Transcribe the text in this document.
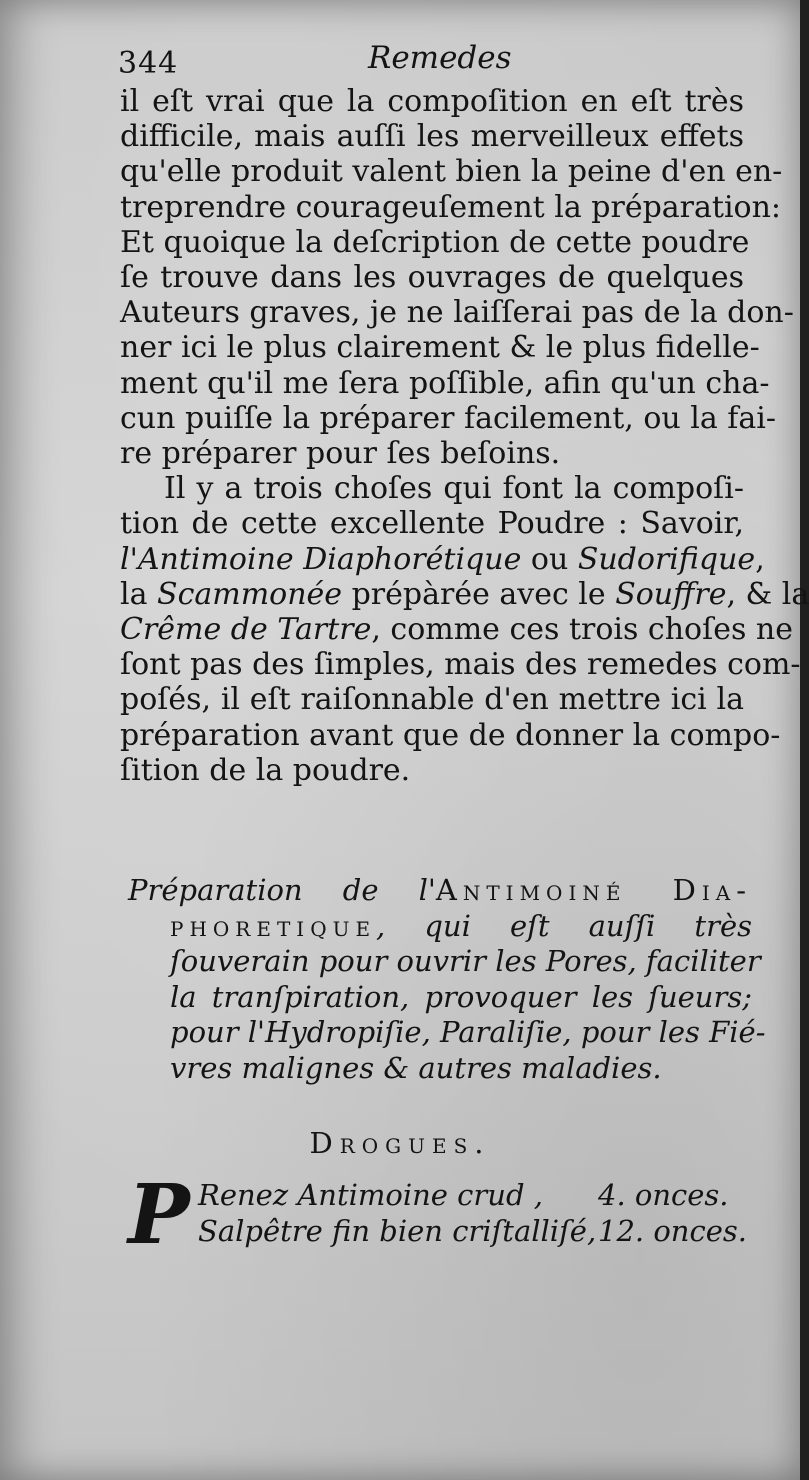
344	Remedes
il eſt vrai que la compoſition en eſt très
difficile, mais auſſi les merveilleux effets
qu'elle produit valent bien la peine d'en en-
treprendre courageuſement la préparation:
Et quoique la deſcription de cette poudre
ſe trouve dans les ouvrages de quelques
Auteurs graves, je ne laiſſerai pas de la don-
ner ici le plus clairement & le plus fidelle-
ment qu'il me ſera poſſible, afin qu'un cha-
cun puiſſe la préparer facilement, ou la fai-
re préparer pour ſes beſoins.
Il y a trois choſes qui font la compoſi-
tion de cette excellente Poudre : Savoir,
l'Antimoine Diaphorétique ou Sudorifique,
la Scammonée prépàrée avec le Souffre, & la
Crême de Tartre, comme ces trois choſes ne
ſont pas des ſimples, mais des remedes com-
poſés, il eſt raiſonnable d'en mettre ici la
préparation avant que de donner la compo-
ſition de la poudre.
Préparation de l'Antimoiné Dia-
phoretique, qui eſt auſſi très
ſouverain pour ouvrir les Pores, faciliter
la tranſpiration, provoquer les ſueurs;
pour l'Hydropiſie, Paraliſie, pour les Fié-
vres malignes & autres maladies.
Drogues.
P Renez Antimoine crud , 4. onces.
Salpêtre fin bien criſtalliſé, 12. onces.
